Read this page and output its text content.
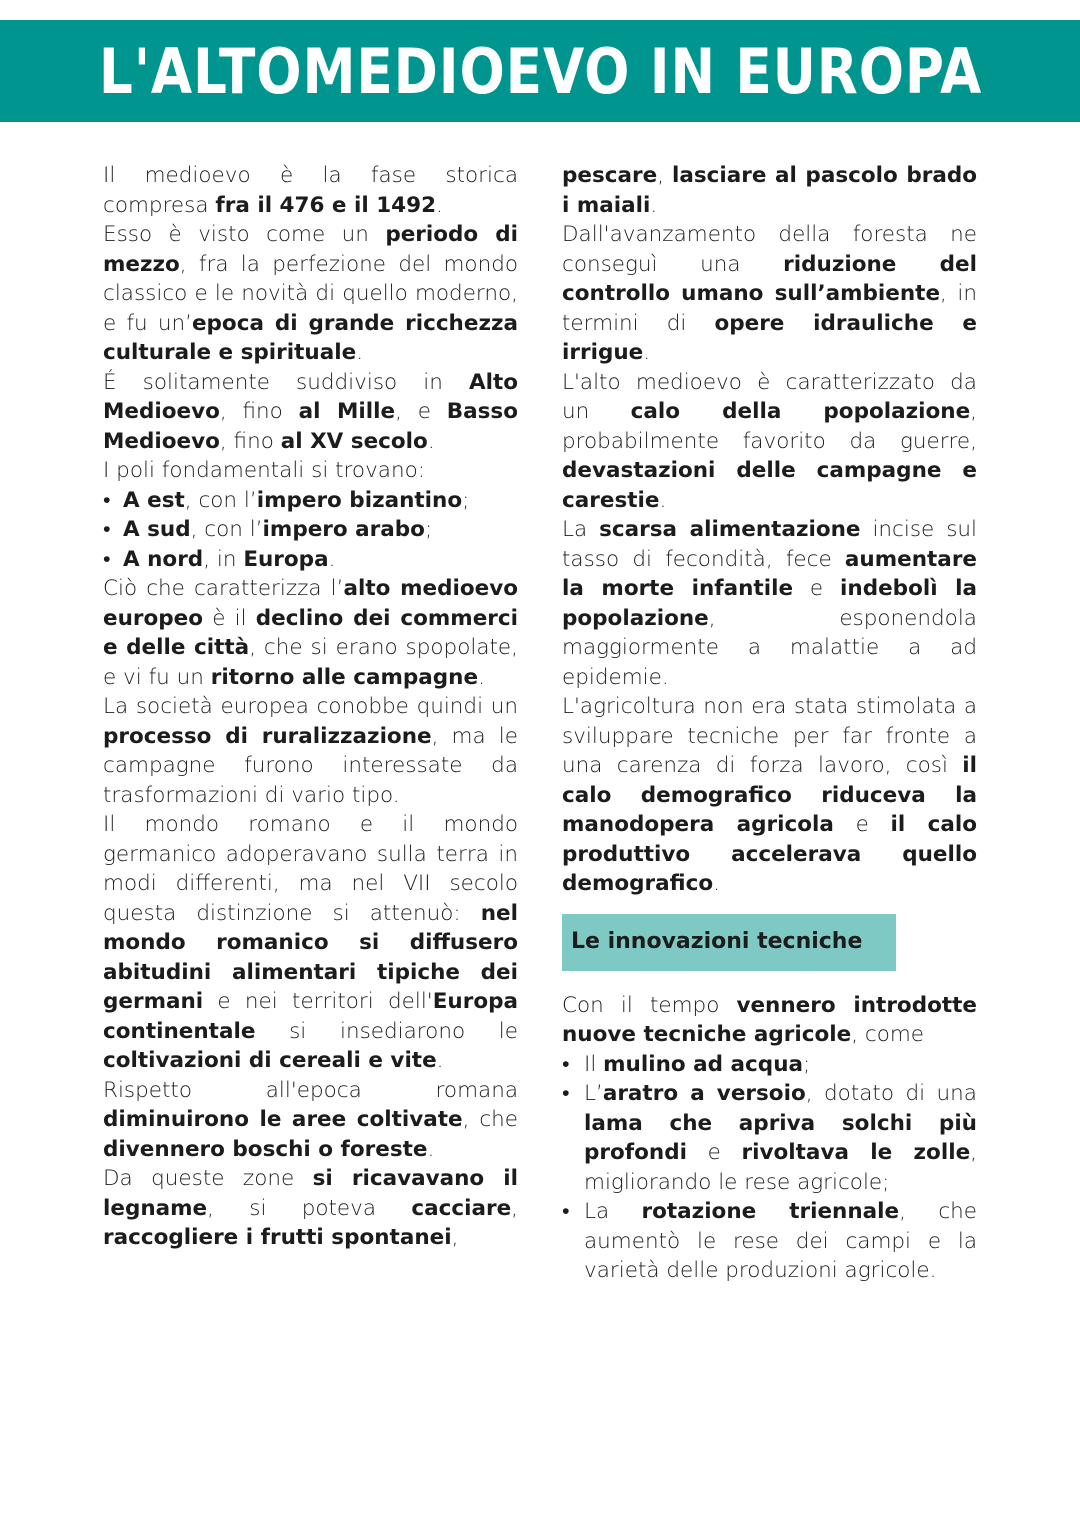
L'ALTOMEDIOEVO IN EUROPA

Il medioevo è la fase storica compresa fra il 476 e il 1492.

Esso è visto come un periodo di mezzo, fra la perfezione del mondo classico e le novità di quello moderno, e fu un’epoca di grande ricchezza culturale e spirituale.

É solitamente suddiviso in Alto Medioevo, fino al Mille, e Basso Medioevo, fino al XV secolo.

I poli fondamentali si trovano:

• A est, con l’impero bizantino;
• A sud, con l’impero arabo;
• A nord, in Europa.

Ciò che caratterizza l’alto medioevo europeo è il declino dei commerci e delle città, che si erano spopolate, e vi fu un ritorno alle campagne.

La società europea conobbe quindi un processo di ruralizzazione, ma le campagne furono interessate da trasformazioni di vario tipo.

Il mondo romano e il mondo germanico adoperavano sulla terra in modi differenti, ma nel VII secolo questa distinzione si attenuò: nel mondo romanico si diffusero abitudini alimentari tipiche dei germani e nei territori dell'Europa continentale si insediarono le coltivazioni di cereali e vite.

Rispetto all'epoca romana diminuirono le aree coltivate, che divennero boschi o foreste.

Da queste zone si ricavavano il legname, si poteva cacciare, raccogliere i frutti spontanei,

pescare, lasciare al pascolo brado i maiali.

Dall'avanzamento della foresta ne conseguì una riduzione del controllo umano sull’ambiente, in termini di opere idrauliche e irrigue.

L'alto medioevo è caratterizzato da un calo della popolazione, probabilmente favorito da guerre, devastazioni delle campagne e carestie.

La scarsa alimentazione incise sul tasso di fecondità, fece aumentare la morte infantile e indebolì la popolazione, esponendola maggiormente a malattie a ad epidemie.

L'agricoltura non era stata stimolata a sviluppare tecniche per far fronte a una carenza di forza lavoro, così il calo demografico riduceva la manodopera agricola e il calo produttivo accelerava quello demografico.

Le innovazioni tecniche

Con il tempo vennero introdotte nuove tecniche agricole, come

• Il mulino ad acqua;
• L’aratro a versoio, dotato di una lama che apriva solchi più profondi e rivoltava le zolle, migliorando le rese agricole;
• La rotazione triennale, che aumentò le rese dei campi e la varietà delle produzioni agricole.
